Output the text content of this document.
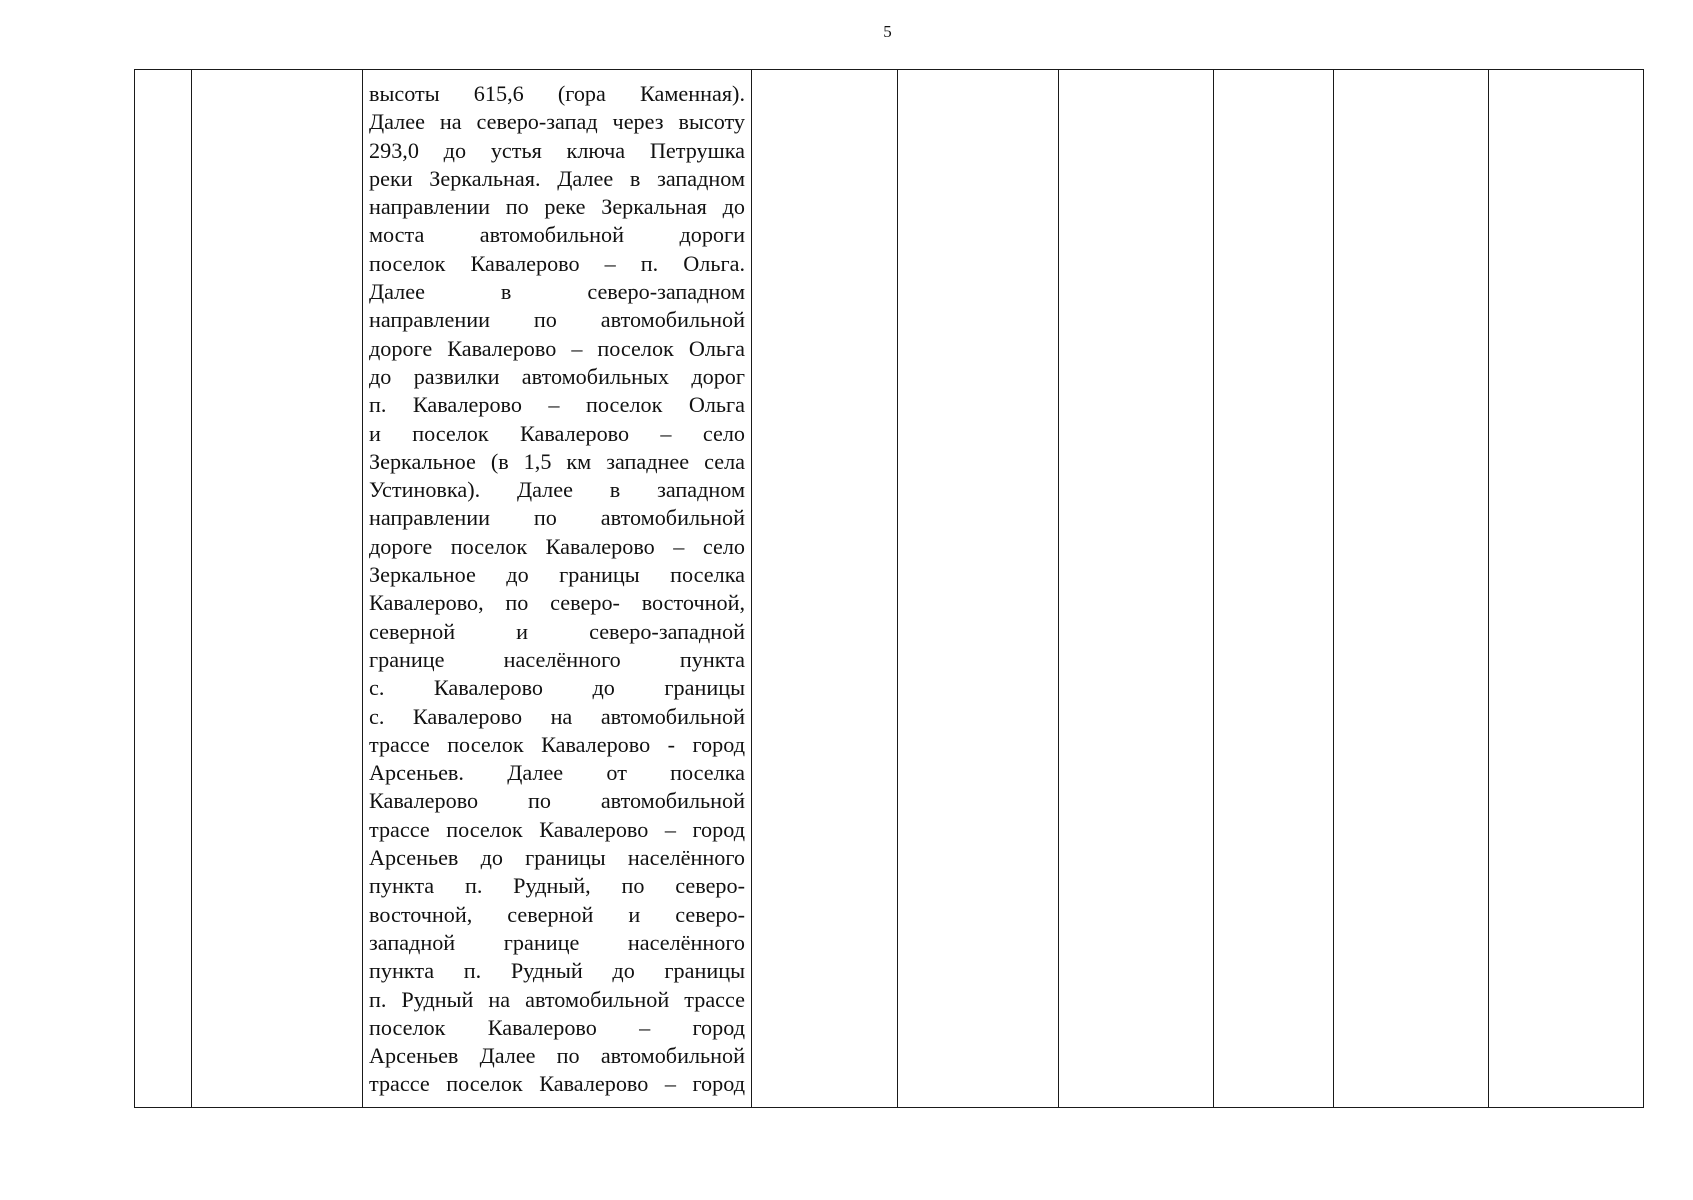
5

высоты 615,6 (гора Каменная).
Далее на северо-запад через высоту
293,0 до устья ключа Петрушка
реки Зеркальная. Далее в западном
направлении по реке Зеркальная до
моста автомобильной дороги
поселок Кавалерово – п. Ольга.
Далее в северо-западном
направлении по автомобильной
дороге Кавалерово – поселок Ольга
до развилки автомобильных дорог
п. Кавалерово – поселок Ольга
и поселок Кавалерово – село
Зеркальное (в 1,5 км западнее села
Устиновка). Далее в западном
направлении по автомобильной
дороге поселок Кавалерово – село
Зеркальное до границы поселка
Кавалерово, по северо- восточной,
северной и северо-западной
границе населённого пункта
с. Кавалерово до границы
с. Кавалерово на автомобильной
трассе поселок Кавалерово - город
Арсеньев. Далее от поселка
Кавалерово по автомобильной
трассе поселок Кавалерово – город
Арсеньев до границы населённого
пункта п. Рудный, по северо-
восточной, северной и северо-
западной границе населённого
пункта п. Рудный до границы
п. Рудный на автомобильной трассе
поселок Кавалерово – город
Арсеньев Далее по автомобильной
трассе поселок Кавалерово – город
